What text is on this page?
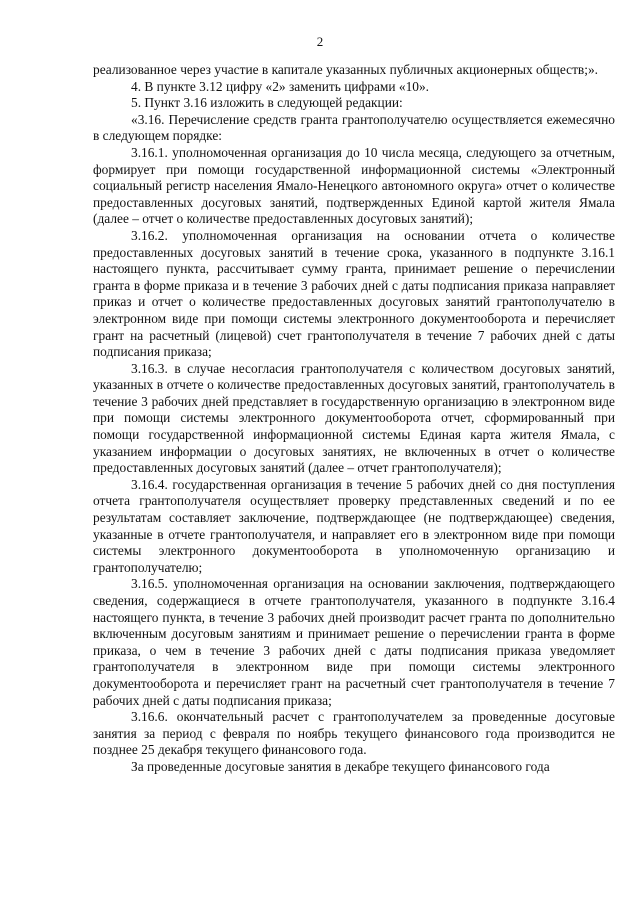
2

реализованное через участие в капитале указанных публичных акционерных обществ;».

4. В пункте 3.12 цифру «2» заменить цифрами «10».

5. Пункт 3.16 изложить в следующей редакции:

«3.16. Перечисление средств гранта грантополучателю осуществляется ежемесячно в следующем порядке:

3.16.1. уполномоченная организация до 10 числа месяца, следующего за отчетным, формирует при помощи государственной информационной системы «Электронный социальный регистр населения Ямало-Ненецкого автономного округа» отчет о количестве предоставленных досуговых занятий, подтвержденных Единой картой жителя Ямала (далее – отчет о количестве предоставленных досуговых занятий);

3.16.2. уполномоченная организация на основании отчета о количестве предоставленных досуговых занятий в течение срока, указанного в подпункте 3.16.1 настоящего пункта, рассчитывает сумму гранта, принимает решение о перечислении гранта в форме приказа и в течение 3 рабочих дней с даты подписания приказа направляет приказ и отчет о количестве предоставленных досуговых занятий грантополучателю в электронном виде при помощи системы электронного документооборота и перечисляет грант на расчетный (лицевой) счет грантополучателя в течение 7 рабочих дней с даты подписания приказа;

3.16.3. в случае несогласия грантополучателя с количеством досуговых занятий, указанных в отчете о количестве предоставленных досуговых занятий, грантополучатель в течение 3 рабочих дней представляет в государственную организацию в электронном виде при помощи системы электронного документооборота отчет, сформированный при помощи государственной информационной системы Единая карта жителя Ямала, с указанием информации о досуговых занятиях, не включенных в отчет о количестве предоставленных досуговых занятий (далее – отчет грантополучателя);

3.16.4. государственная организация в течение 5 рабочих дней со дня поступления отчета грантополучателя осуществляет проверку представленных сведений и по ее результатам составляет заключение, подтверждающее (не подтверждающее) сведения, указанные в отчете грантополучателя, и направляет его в электронном виде при помощи системы электронного документооборота в уполномоченную организацию и грантополучателю;

3.16.5. уполномоченная организация на основании заключения, подтверждающего сведения, содержащиеся в отчете грантополучателя, указанного в подпункте 3.16.4 настоящего пункта, в течение 3 рабочих дней производит расчет гранта по дополнительно включенным досуговым занятиям и принимает решение о перечислении гранта в форме приказа, о чем в течение 3 рабочих дней с даты подписания приказа уведомляет грантополучателя в электронном виде при помощи системы электронного документооборота и перечисляет грант на расчетный счет грантополучателя в течение 7 рабочих дней с даты подписания приказа;

3.16.6. окончательный расчет с грантополучателем за проведенные досуговые занятия за период с февраля по ноябрь текущего финансового года производится не позднее 25 декабря текущего финансового года.

За проведенные досуговые занятия в декабре текущего финансового года
